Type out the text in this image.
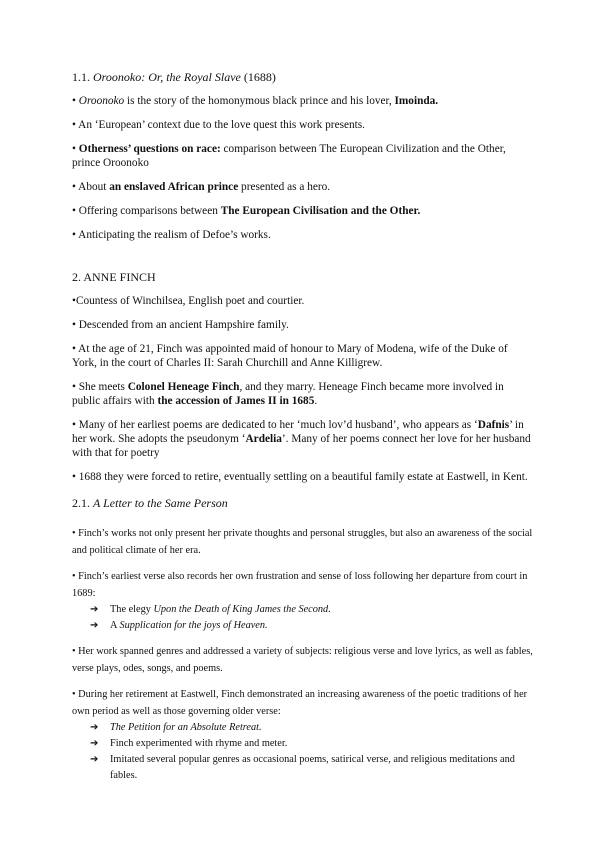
1.1. Oroonoko: Or, the Royal Slave (1688)

• Oroonoko is the story of the homonymous black prince and his lover, Imoinda.

• An ‘European’ context due to the love quest this work presents.

• Otherness’ questions on race: comparison between The European Civilization and the Other, prince Oroonoko

• About an enslaved African prince presented as a hero.

• Offering comparisons between The European Civilisation and the Other.

• Anticipating the realism of Defoe’s works.

2. ANNE FINCH

•Countess of Winchilsea, English poet and courtier.

• Descended from an ancient Hampshire family.

• At the age of 21, Finch was appointed maid of honour to Mary of Modena, wife of the Duke of York, in the court of Charles II: Sarah Churchill and Anne Killigrew.

• She meets Colonel Heneage Finch, and they marry. Heneage Finch became more involved in public affairs with the accession of James II in 1685.

• Many of her earliest poems are dedicated to her ‘much lov’d husband’, who appears as ‘Dafnis’ in her work. She adopts the pseudonym ‘Ardelia’. Many of her poems connect her love for her husband with that for poetry

• 1688 they were forced to retire, eventually settling on a beautiful family estate at Eastwell, in Kent.

2.1. A Letter to the Same Person

• Finch’s works not only present her private thoughts and personal struggles, but also an awareness of the social and political climate of her era.

• Finch’s earliest verse also records her own frustration and sense of loss following her departure from court in 1689:

➔ The elegy Upon the Death of King James the Second.
➔ A Supplication for the joys of Heaven.

• Her work spanned genres and addressed a variety of subjects: religious verse and love lyrics, as well as fables, verse plays, odes, songs, and poems.

• During her retirement at Eastwell, Finch demonstrated an increasing awareness of the poetic traditions of her own period as well as those governing older verse:

➔ The Petition for an Absolute Retreat.
➔ Finch experimented with rhyme and meter.
➔ Imitated several popular genres as occasional poems, satirical verse, and religious meditations and fables.
